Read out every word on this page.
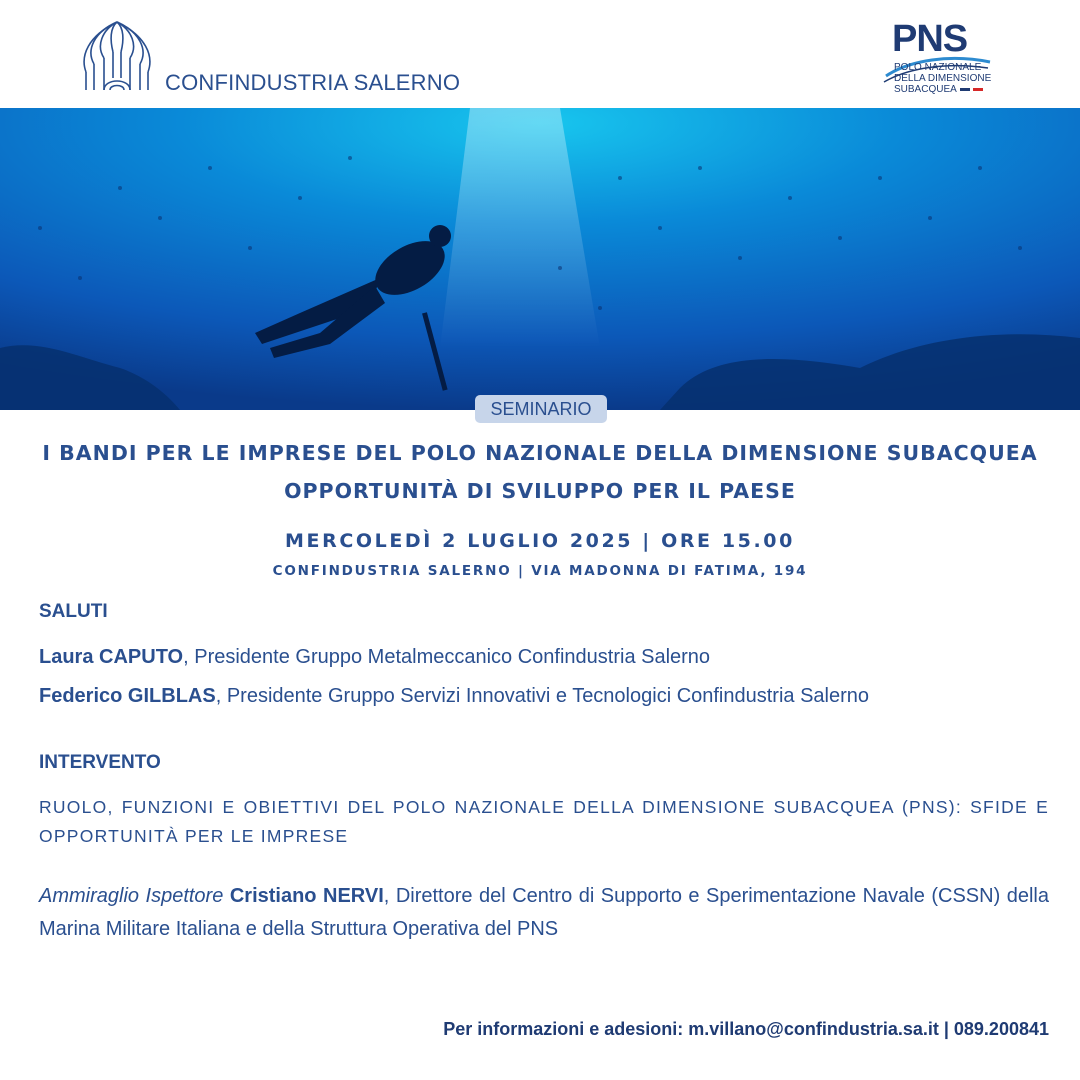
CONFINDUSTRIA SALERNO
PNS
POLO NAZIONALE
DELLA DIMENSIONE
SUBACQUEA
SEMINARIO
I BANDI PER LE IMPRESE DEL POLO NAZIONALE DELLA DIMENSIONE SUBACQUEA
OPPORTUNITÀ DI SVILUPPO PER IL PAESE
MERCOLEDÌ 2 LUGLIO 2025 | ORE 15.00
CONFINDUSTRIA SALERNO | VIA MADONNA DI FATIMA, 194
SALUTI
Laura CAPUTO, Presidente Gruppo Metalmeccanico Confindustria Salerno
Federico GILBLAS, Presidente Gruppo Servizi Innovativi e Tecnologici Confindustria Salerno
INTERVENTO
RUOLO, FUNZIONI E OBIETTIVI DEL POLO NAZIONALE DELLA DIMENSIONE SUBACQUEA (PNS): SFIDE E OPPORTUNITÀ PER LE IMPRESE
Ammiraglio Ispettore Cristiano NERVI, Direttore del Centro di Supporto e Sperimentazione Navale (CSSN) della Marina Militare Italiana e della Struttura Operativa del PNS
Per informazioni e adesioni: m.villano@confindustria.sa.it | 089.200841
